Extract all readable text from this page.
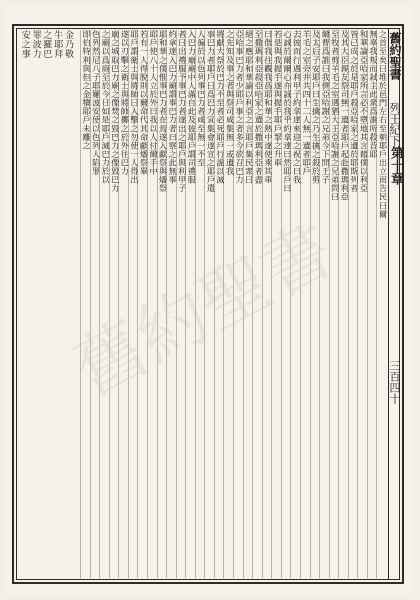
舊約聖書
列王紀下
第十章
三百四十
之首至矣曰堆於邑門左右至朝耶戶出立而告民曰爾
無辜我叛而弒主此衆爲誰所殺昔耶
和華論亞哈家所言必不墮地其言藉僕以利亞
皆已成之於是耶戶殺亞哈家之遺於耶斯列者
及其大臣親友祭司無一遺者耶戶起赴撒瑪利亞
至牧者剪羊毛之室遇猶大王亞哈謝之兄弟問曰
爾曹爲誰曰我儕亞哈謝之兄弟今下問王子
及太后子安耶戶曰生擒之乃生擒之殺於剪
羊毛之室旁井共四十二人無一遺者耶戶
去彼而行遇利甲子約拿達來迎之祝之曰我
心誠於爾爾心亦誠於我乎約拿達曰然耶戶曰
若是與我握手遂與握手耶戶挈之升車
曰偕我往觀我爲耶和華之熱中遂使乘其車
至撒瑪利亞殺亞哈家之遺於撒瑪利亞者盡
絕之應耶和華諭以利亞之言耶戶集民衆曰
亞哈事巴力者少耶戶事之者多今欲召巴力
之先知及事之者與祭司咸集無一或遺我
將獻大祭於巴力不至者必死耶戶行詭以滅
事巴力者耶戶曰爲巴力宣集會遂宣之耶戶遣
人徧於以色列事巴力者咸至無一不至
入巴力廟廟中人滿自此及彼耶戶謂司禮服
者曰出禮服予事巴力者遂出之耶戶與利甲子
約拿達入巴力廟謂事巴力者曰察之此無事
耶和華之僕惟事巴力者在焉遂入獻祭與燔祭
耶戶使八十人立於外曰我以人付爾手中
若有一人得脫則以爾命代其命獻燔祭畢
耶戶謂衛士與將帥曰入擊之勿使一人得出
遂以刃擊之衛士與將帥擲之於外往巴力
廟之城取巴力廟之像焚之毀巴力之像毀巴力
之廟以爲廁至於今日如是耶戶滅巴力於以
色列然尼八子耶羅波安使以色列人陷罪
即伯特利與但之金犢耶戶未離之
金乃敬
牛耶拜
之羅巴
罪波力
安之事
舊約聖書
